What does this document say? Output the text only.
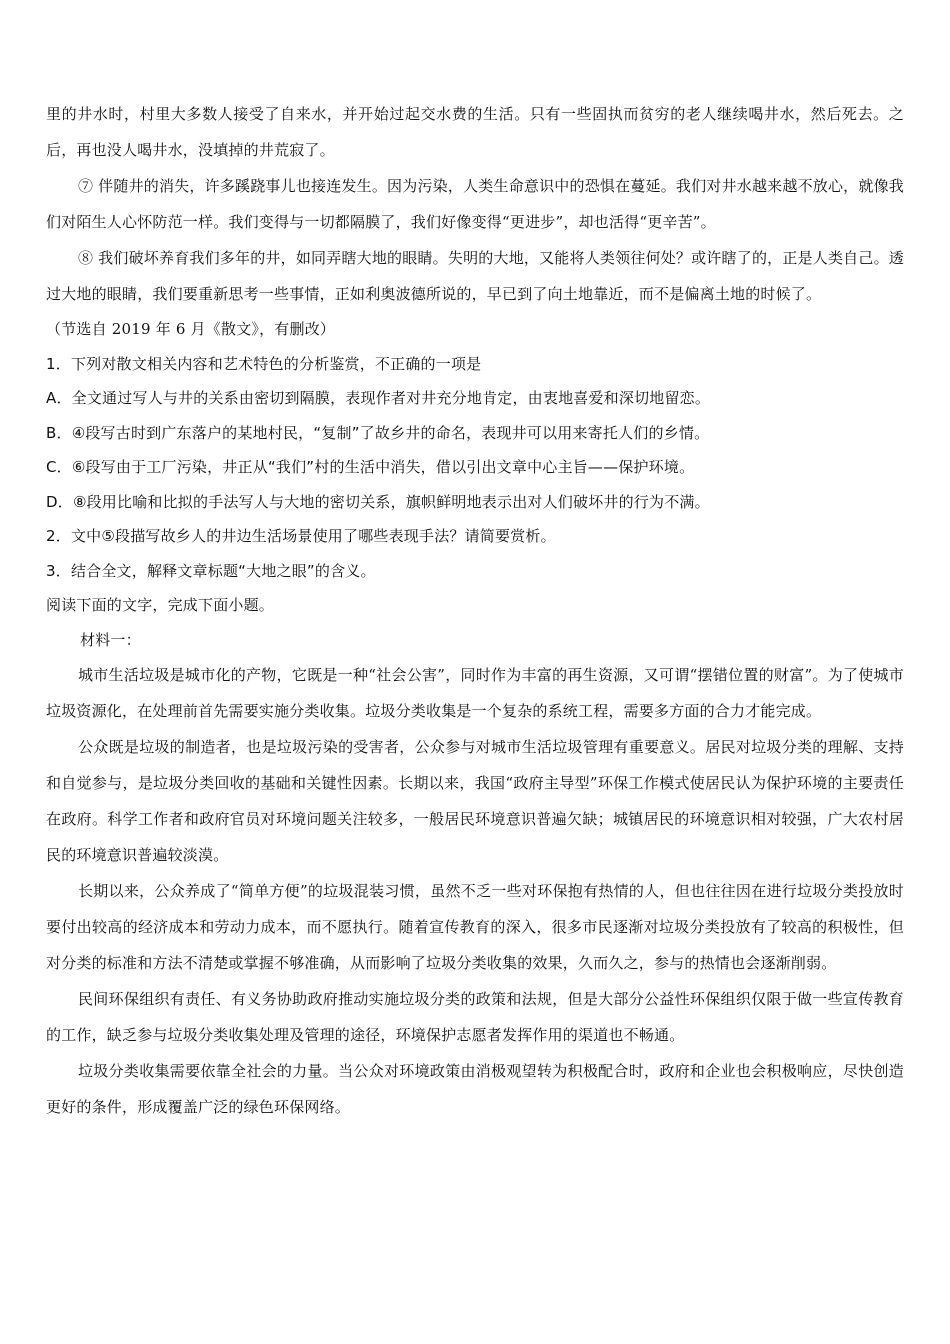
里的井水时，村里大多数人接受了自来水，并开始过起交水费的生活。只有一些固执而贫穷的老人继续喝井水，然后死去。之后，再也没人喝井水，没填掉的井荒寂了。

⑦ 伴随井的消失，许多蹊跷事儿也接连发生。因为污染，人类生命意识中的恐惧在蔓延。我们对井水越来越不放心，就像我们对陌生人心怀防范一样。我们变得与一切都隔膜了，我们好像变得“更进步”，却也活得“更辛苦”。

⑧ 我们破坏养育我们多年的井，如同弄瞎大地的眼睛。失明的大地，又能将人类领往何处？或许瞎了的，正是人类自己。透过大地的眼睛，我们要重新思考一些事情，正如利奥波德所说的，早已到了向土地靠近，而不是偏离土地的时候了。

（节选自 2019 年 6 月《散文》，有删改）

1．下列对散文相关内容和艺术特色的分析鉴赏，不正确的一项是

A．全文通过写人与井的关系由密切到隔膜，表现作者对井充分地肯定，由衷地喜爱和深切地留恋。

B．④段写古时到广东落户的某地村民，“复制”了故乡井的命名，表现井可以用来寄托人们的乡情。

C．⑥段写由于工厂污染，井正从“我们”村的生活中消失，借以引出文章中心主旨——保护环境。

D．⑧段用比喻和比拟的手法写人与大地的密切关系，旗帜鲜明地表示出对人们破坏井的行为不满。

2．文中⑤段描写故乡人的井边生活场景使用了哪些表现手法？请简要赏析。

3．结合全文，解释文章标题“大地之眼”的含义。

阅读下面的文字，完成下面小题。

材料一：

城市生活垃圾是城市化的产物，它既是一种“社会公害”，同时作为丰富的再生资源，又可谓“摆错位置的财富”。为了使城市垃圾资源化，在处理前首先需要实施分类收集。垃圾分类收集是一个复杂的系统工程，需要多方面的合力才能完成。

公众既是垃圾的制造者，也是垃圾污染的受害者，公众参与对城市生活垃圾管理有重要意义。居民对垃圾分类的理解、支持和自觉参与，是垃圾分类回收的基础和关键性因素。长期以来，我国“政府主导型”环保工作模式使居民认为保护环境的主要责任在政府。科学工作者和政府官员对环境问题关注较多，一般居民环境意识普遍欠缺；城镇居民的环境意识相对较强，广大农村居民的环境意识普遍较淡漠。

长期以来，公众养成了“简单方便”的垃圾混装习惯，虽然不乏一些对环保抱有热情的人，但也往往因在进行垃圾分类投放时要付出较高的经济成本和劳动力成本，而不愿执行。随着宣传教育的深入，很多市民逐渐对垃圾分类投放有了较高的积极性，但对分类的标准和方法不清楚或掌握不够准确，从而影响了垃圾分类收集的效果，久而久之，参与的热情也会逐渐削弱。

民间环保组织有责任、有义务协助政府推动实施垃圾分类的政策和法规，但是大部分公益性环保组织仅限于做一些宣传教育的工作，缺乏参与垃圾分类收集处理及管理的途径，环境保护志愿者发挥作用的渠道也不畅通。

垃圾分类收集需要依靠全社会的力量。当公众对环境政策由消极观望转为积极配合时，政府和企业也会积极响应，尽快创造更好的条件，形成覆盖广泛的绿色环保网络。
